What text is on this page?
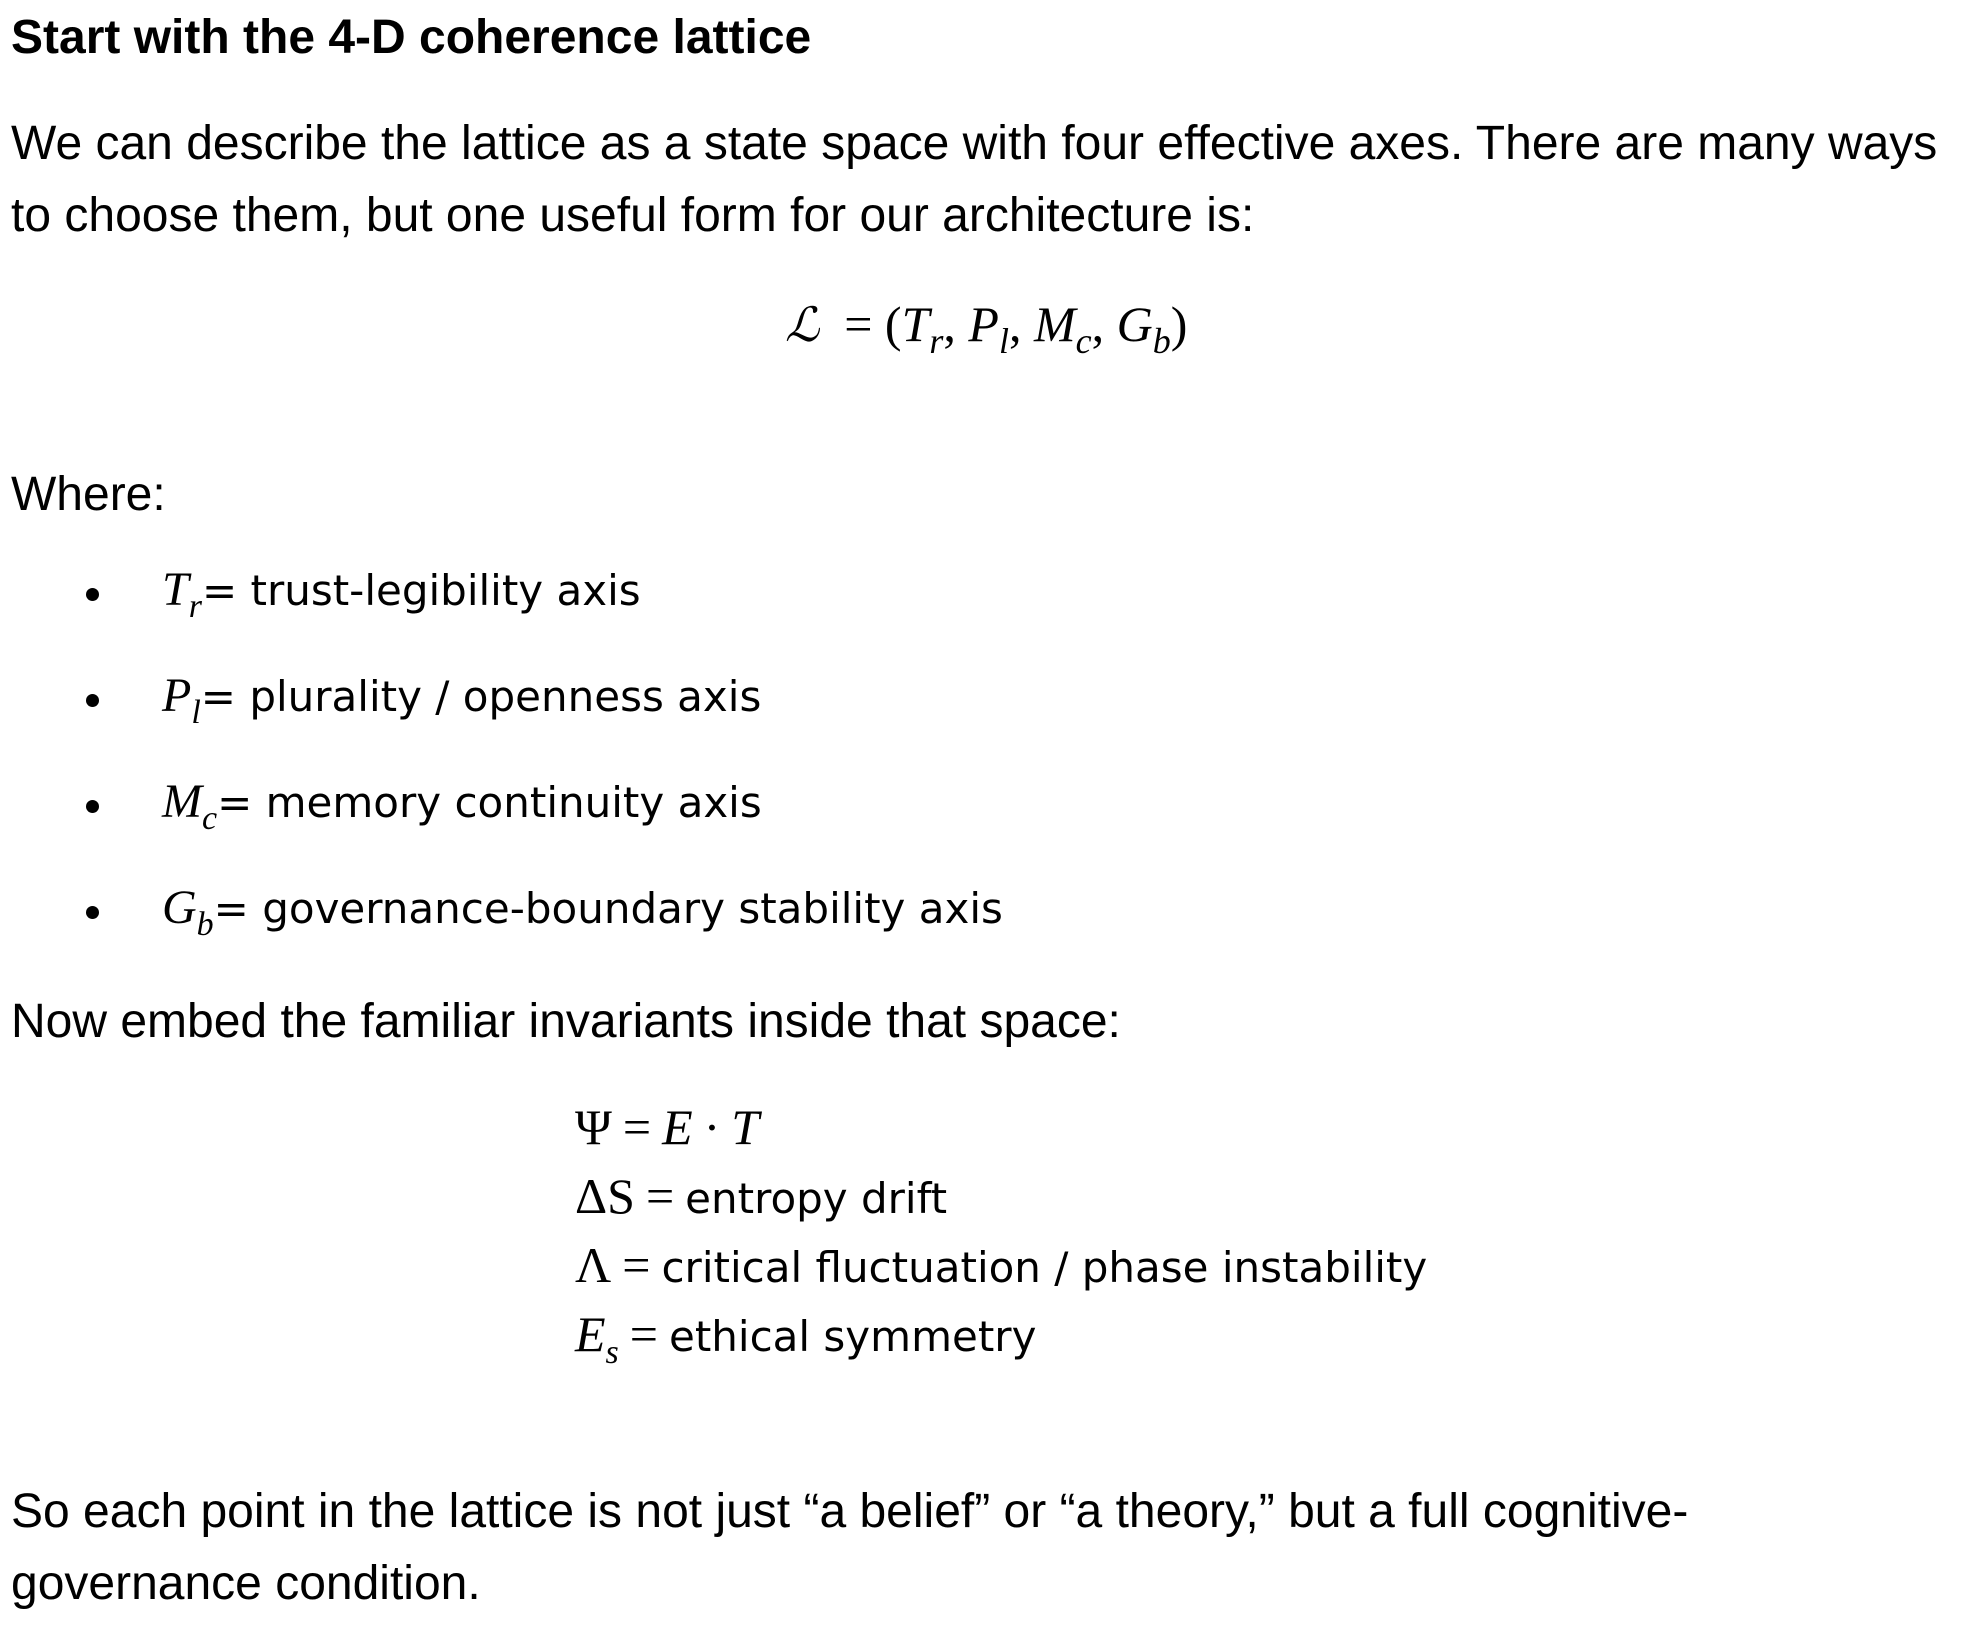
Start with the 4-D coherence lattice

We can describe the lattice as a state space with four effective axes. There are many ways to choose them, but one useful form for our architecture is:

ℒ = ($T_r$, $P_l$, $M_c$, $G_b$)

Where:

$T_r=$ trust-legibility axis
$P_l=$ plurality / openness axis
$M_c=$ memory continuity axis
$G_b=$ governance-boundary stability axis

Now embed the familiar invariants inside that space:

Ψ = E · T
ΔS = entropy drift
Λ = critical fluctuation / phase instability
$E_s$ = ethical symmetry

So each point in the lattice is not just “a belief” or “a theory,” but a full cognitive-governance condition.
